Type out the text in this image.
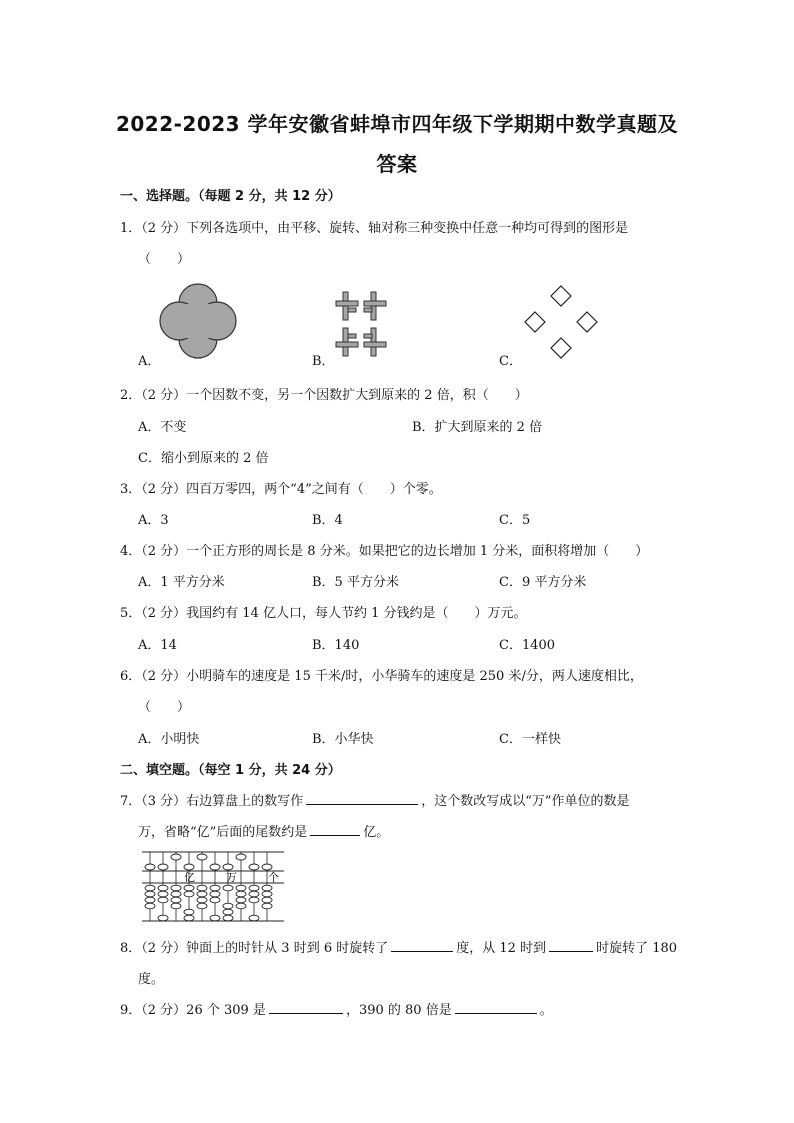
2022-2023 学年安徽省蚌埠市四年级下学期期中数学真题及
答案
一、选择题。（每题 2 分，共 12 分）
1．（2 分）下列各选项中，由平移、旋转、轴对称三种变换中任意一种均可得到的图形是
（　　）
A．	B．	C．
2．（2 分）一个因数不变，另一个因数扩大到原来的 2 倍，积（　　）
A．不变	B．扩大到原来的 2 倍
C．缩小到原来的 2 倍
3．（2 分）四百万零四，两个“4”之间有（　　）个零。
A．3	B．4	C．5
4．（2 分）一个正方形的周长是 8 分米。如果把它的边长增加 1 分米，面积将增加（　　）
A．1 平方分米	B．5 平方分米	C．9 平方分米
5．（2 分）我国约有 14 亿人口，每人节约 1 分钱约是（　　）万元。
A．14	B．140	C．1400
6．（2 分）小明骑车的速度是 15 千米/时，小华骑车的速度是 250 米/分，两人速度相比，
（　　）
A．小明快	B．小华快	C．一样快
二、填空题。（每空 1 分，共 24 分）
7．（3 分）右边算盘上的数写作	，这个数改写成以“万”作单位的数是
万，省略“亿”后面的尾数约是	亿。
亿	万	个
8．（2 分）钟面上的时针从 3 时到 6 时旋转了	度，从 12 时到	时旋转了 180
度。
9．（2 分）26 个 309 是	，390 的 80 倍是	。
